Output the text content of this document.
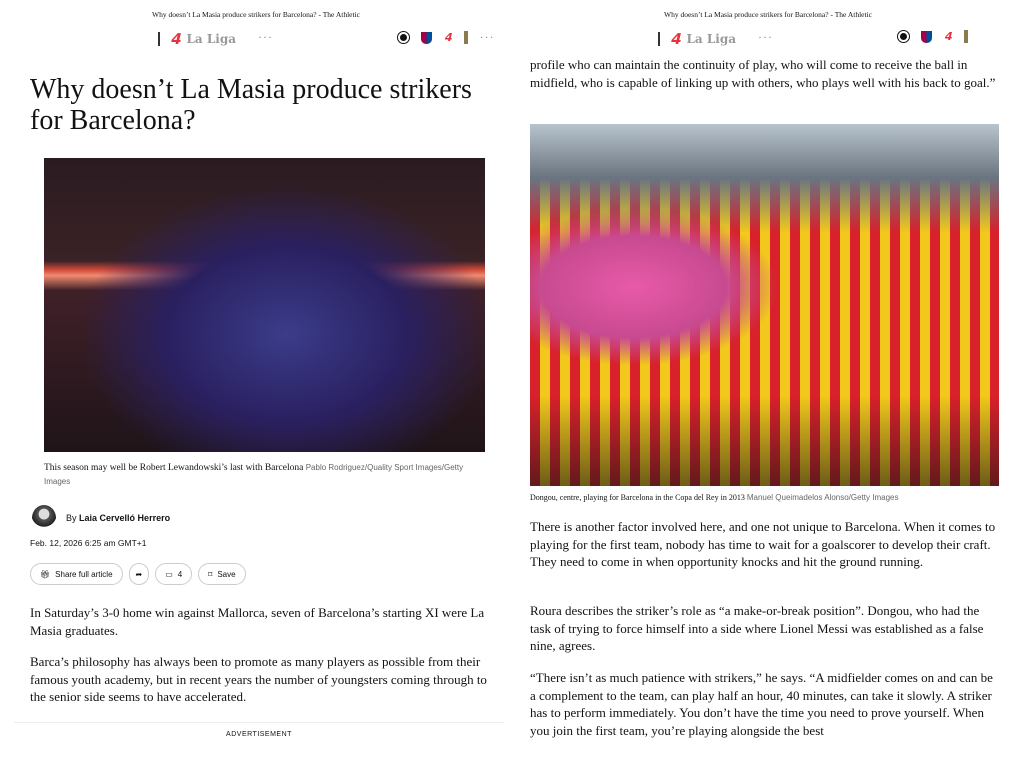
Why doesn’t La Masia produce strikers for Barcelona? - The Athletic
𝟰 La Liga ···	𝟰 ···
Why doesn’t La Masia produce strikers for Barcelona?
This season may well be Robert Lewandowski’s last with Barcelona Pablo Rodriguez/Quality Sport Images/Getty Images
By Laia Cervelló Herrero
Feb. 12, 2026 6:25 am GMT+1
🎁︎ Share full article	➦	▭ 4	⌑ Save

In Saturday’s 3-0 home win against Mallorca, seven of Barcelona’s starting XI were La Masia graduates.

Barca’s philosophy has always been to promote as many players as possible from their famous youth academy, but in recent years the number of youngsters coming through to the senior side seems to have accelerated.

ADVERTISEMENT
Why doesn’t La Masia produce strikers for Barcelona? - The Athletic
𝟰 La Liga ···	𝟰

profile who can maintain the continuity of play, who will come to receive the ball in midfield, who is capable of linking up with others, who plays well with his back to goal.”

Dongou, centre, playing for Barcelona in the Copa del Rey in 2013 Manuel Queimadelos Alonso/Getty Images

There is another factor involved here, and one not unique to Barcelona. When it comes to playing for the first team, nobody has time to wait for a goalscorer to develop their craft. They need to come in when opportunity knocks and hit the ground running.

Roura describes the striker’s role as “a make-or-break position”. Dongou, who had the task of trying to force himself into a side where Lionel Messi was established as a false nine, agrees.

“There isn’t as much patience with strikers,” he says. “A midfielder comes on and can be a complement to the team, can play half an hour, 40 minutes, can take it slowly. A striker has to perform immediately. You don’t have the time you need to prove yourself. When you join the first team, you’re playing alongside the best
